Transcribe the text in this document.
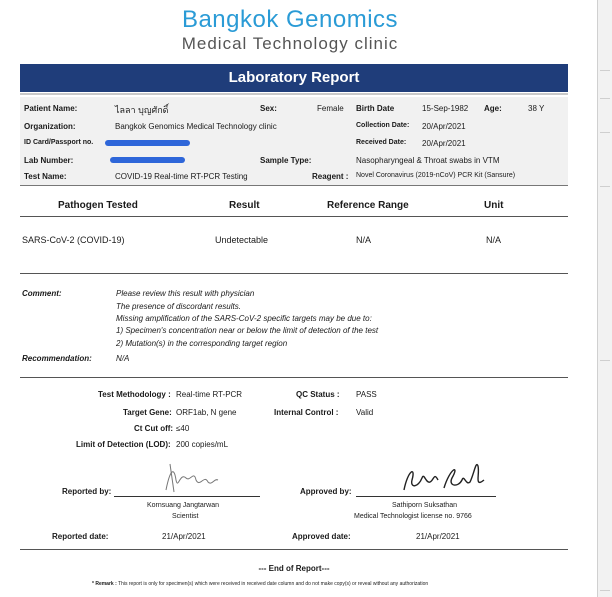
Bangkok Genomics
Medical Technology clinic
Laboratory Report
Patient Name:	ไลลา บุญศักดิ์	Sex:	Female Birth Date	15-Sep-1982 Age:	38 Y
Organization:	Bangkok Genomics Medical Technology clinic	Collection Date: 20/Apr/2021
ID Card/Passport no.	Received Date: 20/Apr/2021
Lab Number:	Sample Type:	Nasopharyngeal & Throat swabs in VTM
Test Name:	COVID-19 Real-time RT-PCR Testing	Reagent : Novel Coronavirus (2019-nCoV) PCR Kit (Sansure)
Pathogen Tested	Result	Reference Range	Unit
SARS-CoV-2 (COVID-19)	Undetectable	N/A	N/A
Comment:	Please review this result with physician
The presence of discordant results.
Missing amplification of the SARS-CoV-2 specific targets may be due to:
1) Specimen's concentration near or below the limit of detection of the test
2) Mutation(s) in the corresponding target region
Recommendation:	N/A
Test Methodology : Real-time RT-PCR
Target Gene: ORF1ab, N gene
Ct Cut off: ≤40
Limit of Detection (LOD): 200 copies/mL
QC Status : PASS
Internal Control : Valid
Reported by:
Kornsuang Jangtarwan
Scientist
Approved by:
Sathiporn Suksathan
Medical Technologist license no. 9766
Reported date:	21/Apr/2021	Approved date:	21/Apr/2021
--- End of Report---
* Remark : This report is only for specimen(s) which were received in received date column and do not make copy(s) or reveal without any authorization
